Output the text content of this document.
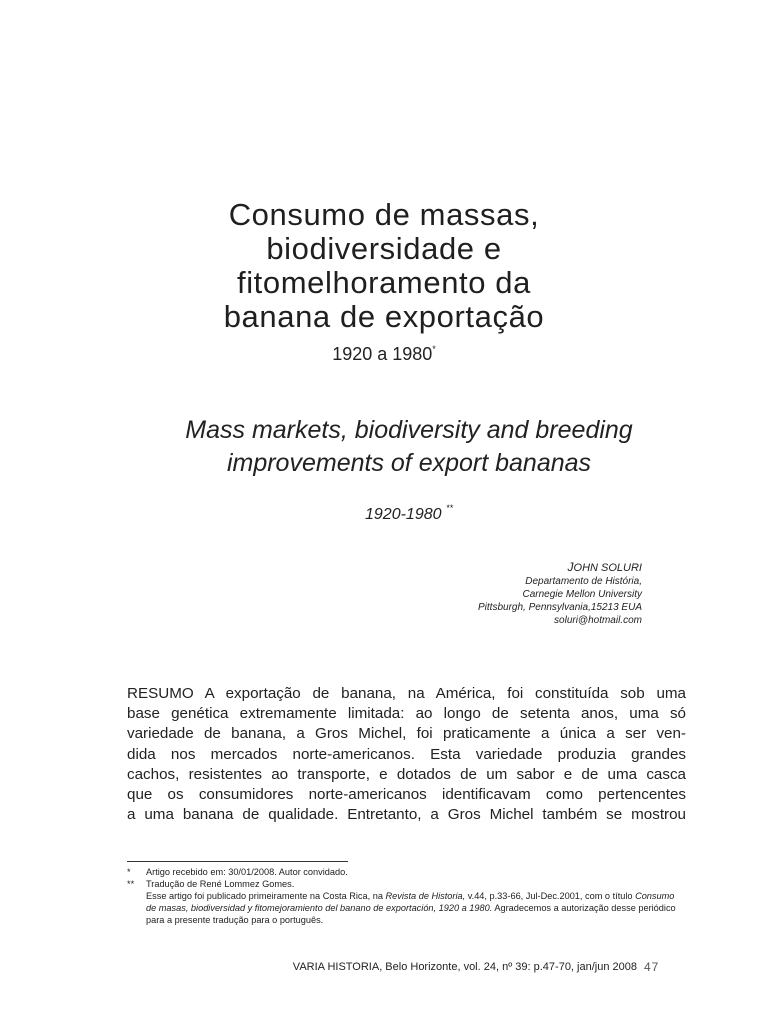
Consumo de massas,
biodiversidade e
fitomelhoramento da
banana de exportação
1920 a 1980*
Mass markets, biodiversity and breeding
improvements of export bananas
1920-1980 **
JOHN SOLURI
Departamento de História,
Carnegie Mellon University
Pittsburgh, Pennsylvania,15213 EUA
soluri@hotmail.com
RESUMO A exportação de banana, na América, foi constituída sob uma
base genética extremamente limitada: ao longo de setenta anos, uma só
variedade de banana, a Gros Michel, foi praticamente a única a ser ven-
dida nos mercados norte-americanos. Esta variedade produzia grandes
cachos, resistentes ao transporte, e dotados de um sabor e de uma casca
que os consumidores norte-americanos identificavam como pertencentes
a uma banana de qualidade. Entretanto, a Gros Michel também se mostrou
*	Artigo recebido em: 30/01/2008. Autor convidado.
**	Tradução de René Lommez Gomes.
Esse artigo foi publicado primeiramente na Costa Rica, na Revista de Historia, v.44, p.33-66, Jul-Dec.2001, com o título Consumo de masas, biodiversidad y fitomejoramiento del banano de exportación, 1920 a 1980. Agradecemos a autorização desse periódico para a presente tradução para o português.
VARIA HISTORIA, Belo Horizonte, vol. 24, nº 39: p.47-70, jan/jun 2008 47
